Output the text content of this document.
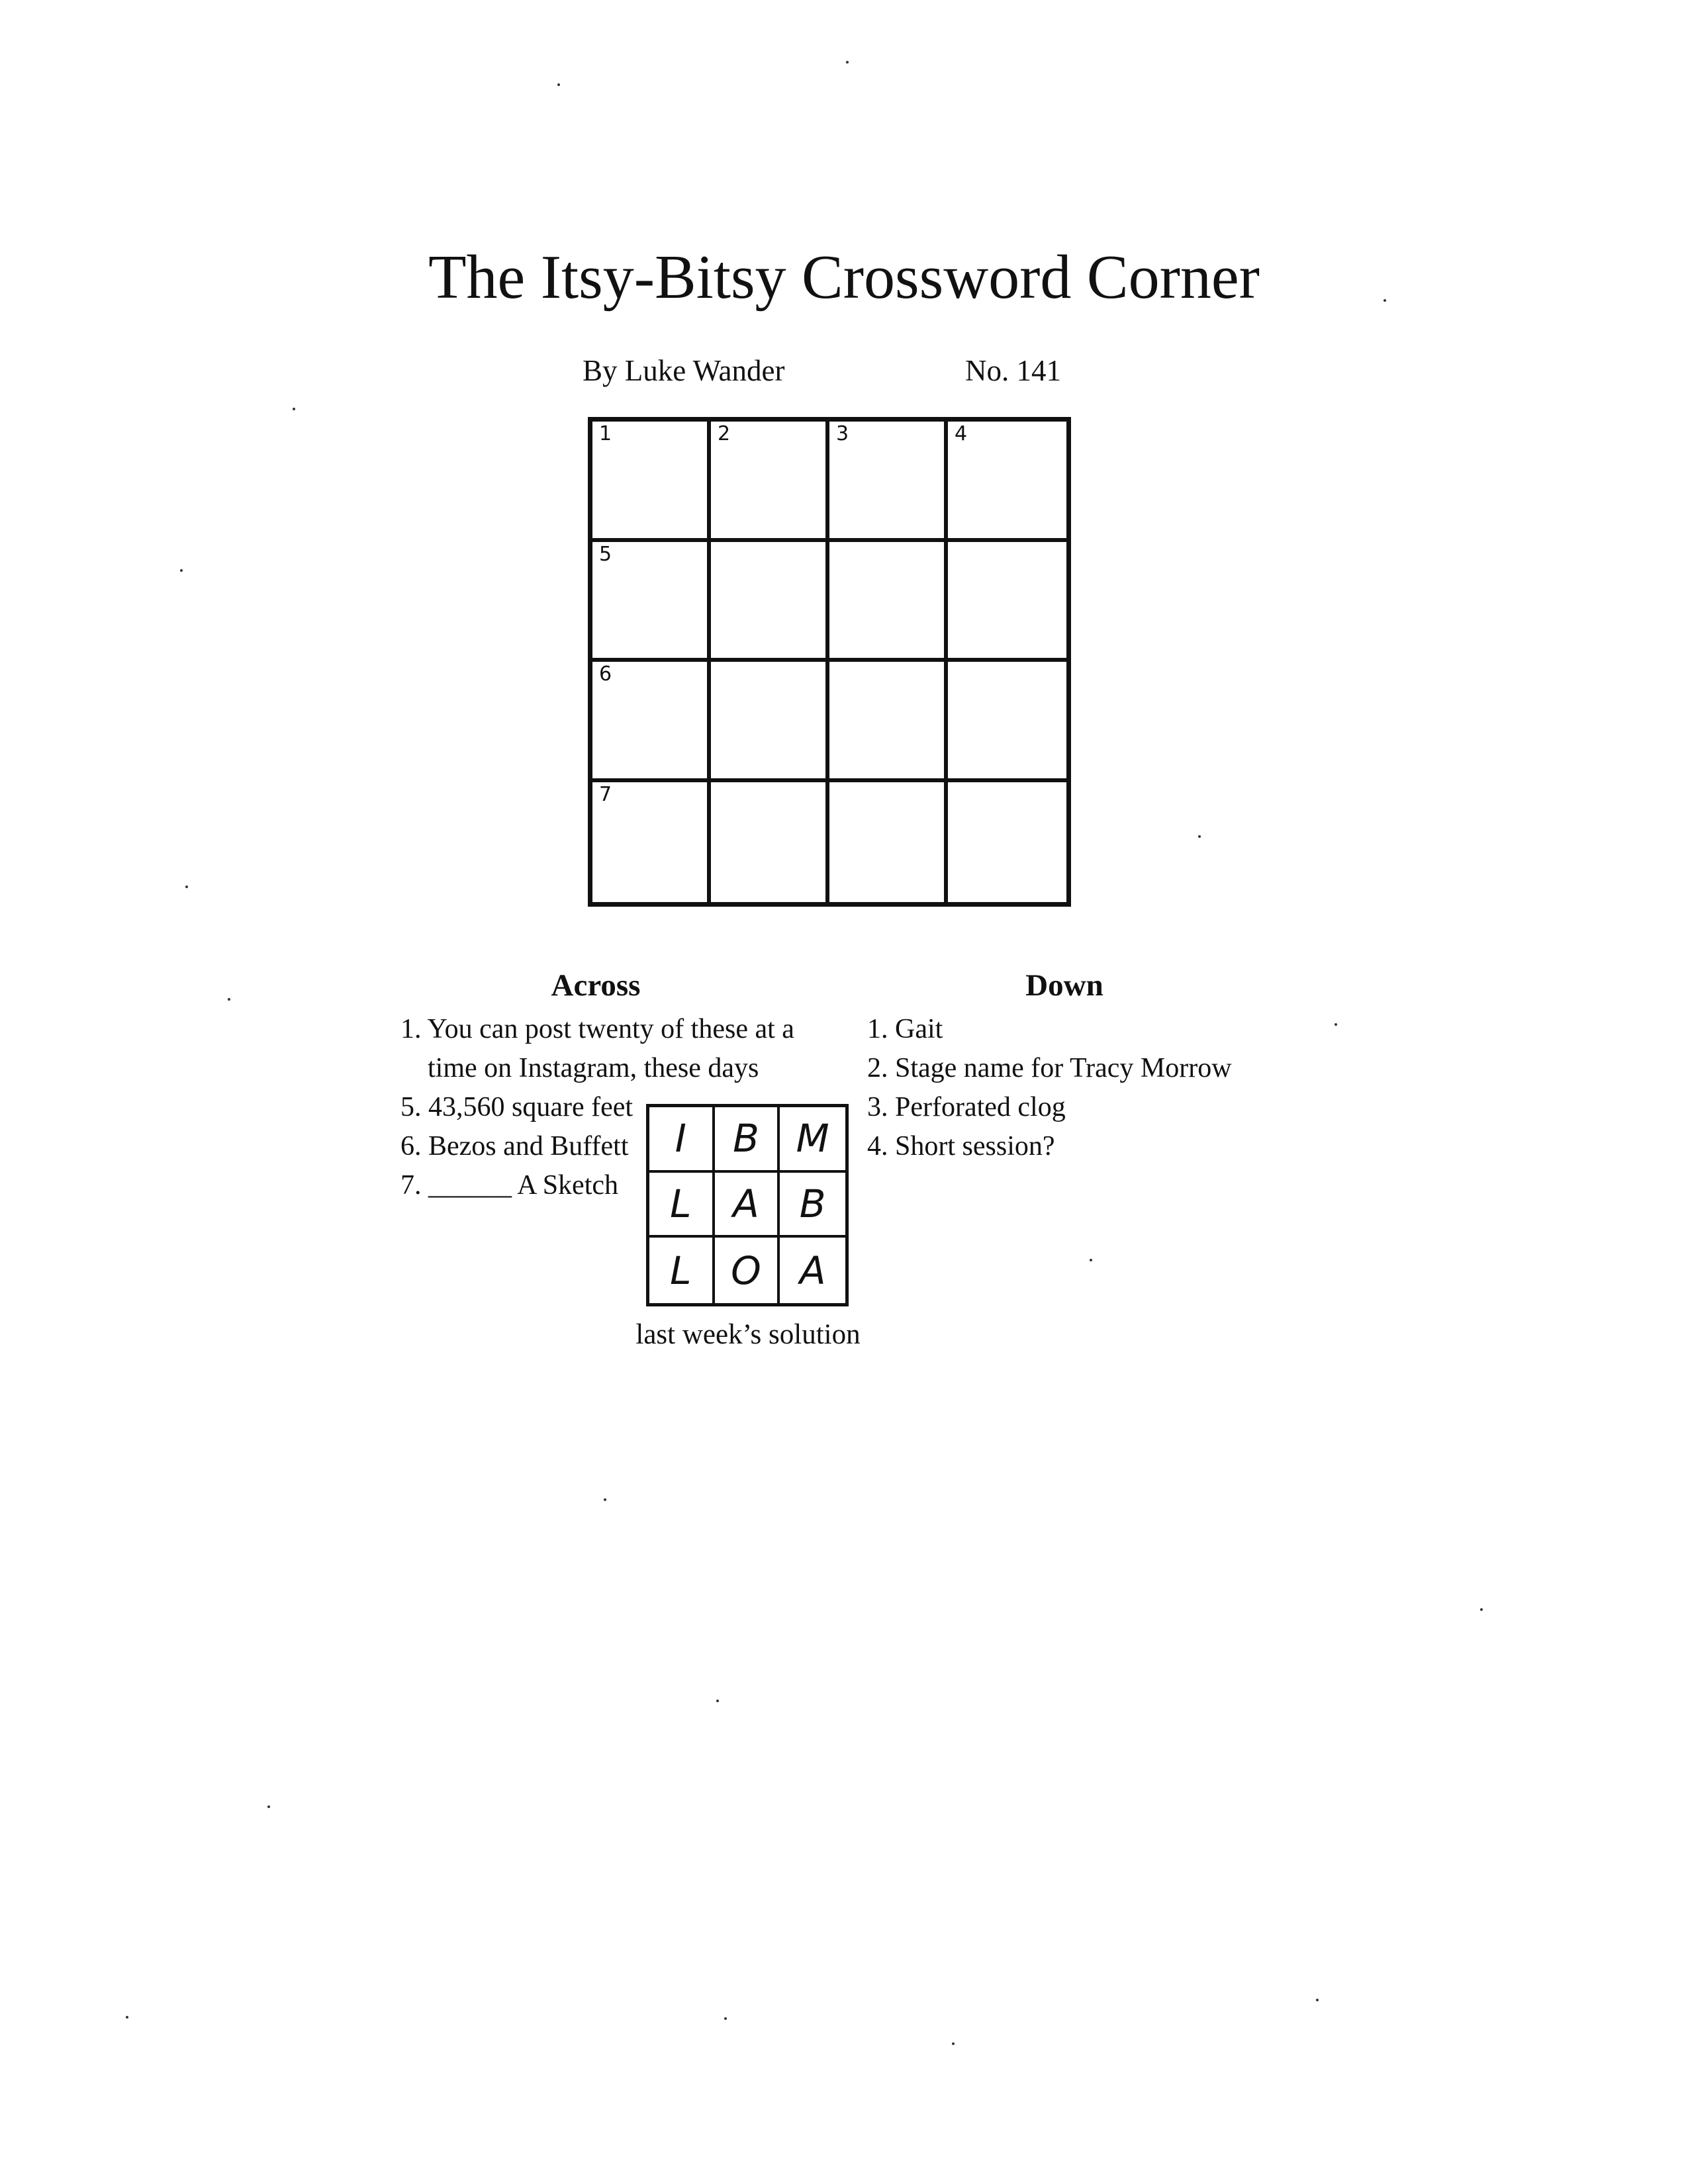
The Itsy-Bitsy Crossword Corner
By Luke Wander	No. 141
1	2	3	4
5
6
7
Across	Down
1. You can post twenty of these at a
time on Instagram, these days
5. 43,560 square feet
6. Bezos and Buffett
7. ______ A Sketch
1. Gait
2. Stage name for Tracy Morrow
3. Perforated clog
4. Short session?
I	B M
L	A	B
L	O	A
last week’s solution
